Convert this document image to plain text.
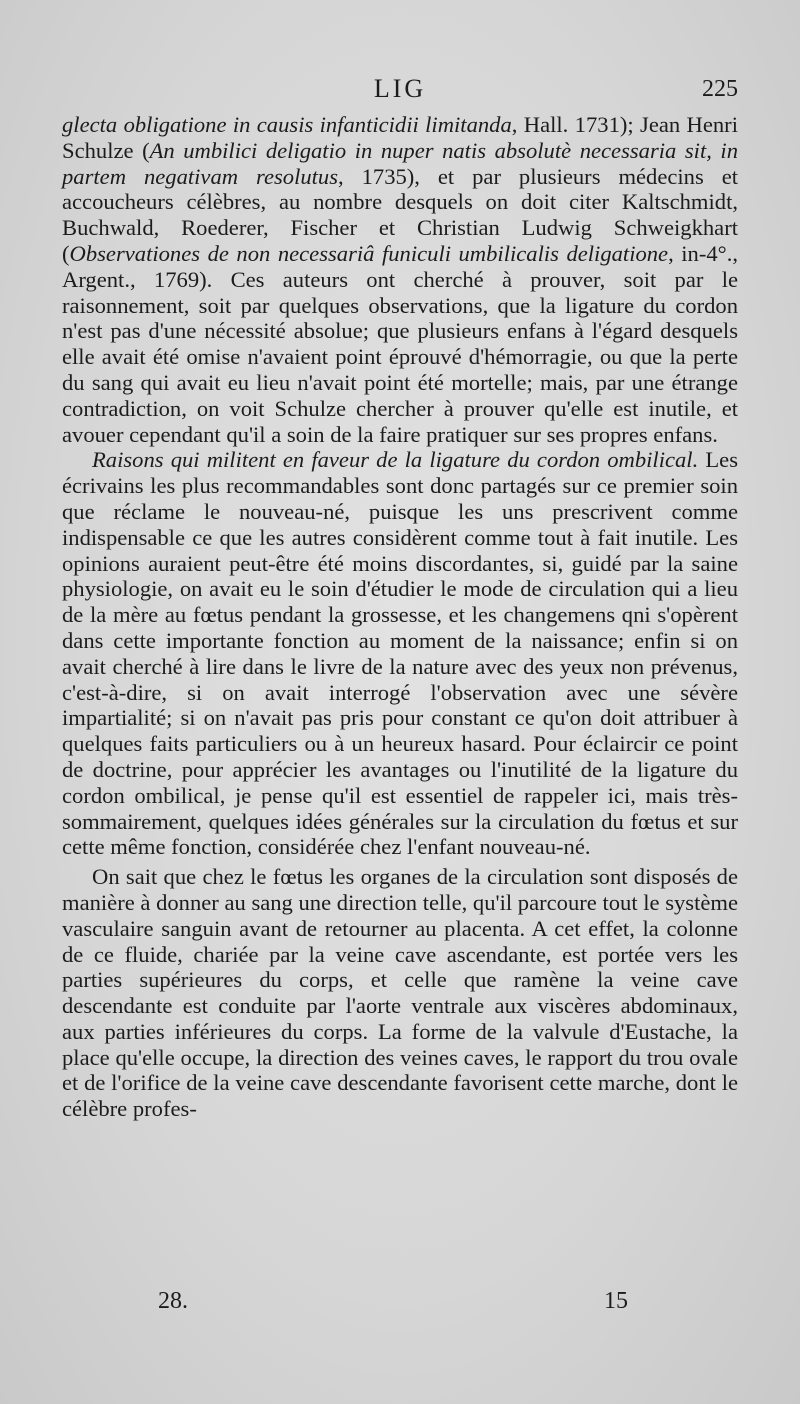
LIG	225

glecta obligatione in causis infanticidii limitanda, Hall. 1731); Jean Henri Schulze (An umbilici deligatio in nuper natis absolutè necessaria sit, in partem negativam resolutus, 1735), et par plusieurs médecins et accoucheurs célèbres, au nombre desquels on doit citer Kaltschmidt, Buchwald, Roederer, Fischer et Christian Ludwig Schweigkhart (Observationes de non necessariâ funiculi umbilicalis deligatione, in-4°., Argent., 1769). Ces auteurs ont cherché à prouver, soit par le raisonnement, soit par quelques observations, que la ligature du cordon n'est pas d'une nécessité absolue; que plusieurs enfans à l'égard desquels elle avait été omise n'avaient point éprouvé d'hémorragie, ou que la perte du sang qui avait eu lieu n'avait point été mortelle; mais, par une étrange contradiction, on voit Schulze chercher à prouver qu'elle est inutile, et avouer cependant qu'il a soin de la faire pratiquer sur ses propres enfans.

Raisons qui militent en faveur de la ligature du cordon ombilical. Les écrivains les plus recommandables sont donc partagés sur ce premier soin que réclame le nouveau-né, puisque les uns prescrivent comme indispensable ce que les autres considèrent comme tout à fait inutile. Les opinions auraient peut-être été moins discordantes, si, guidé par la saine physiologie, on avait eu le soin d'étudier le mode de circulation qui a lieu de la mère au fœtus pendant la grossesse, et les changemens qni s'opèrent dans cette importante fonction au moment de la naissance; enfin si on avait cherché à lire dans le livre de la nature avec des yeux non prévenus, c'est-à-dire, si on avait interrogé l'observation avec une sévère impartialité; si on n'avait pas pris pour constant ce qu'on doit attribuer à quelques faits particuliers ou à un heureux hasard. Pour éclaircir ce point de doctrine, pour apprécier les avantages ou l'inutilité de la ligature du cordon ombilical, je pense qu'il est essentiel de rappeler ici, mais très-sommairement, quelques idées générales sur la circulation du fœtus et sur cette même fonction, considérée chez l'enfant nouveau-né.

On sait que chez le fœtus les organes de la circulation sont disposés de manière à donner au sang une direction telle, qu'il parcoure tout le système vasculaire sanguin avant de retourner au placenta. A cet effet, la colonne de ce fluide, chariée par la veine cave ascendante, est portée vers les parties supérieures du corps, et celle que ramène la veine cave descendante est conduite par l'aorte ventrale aux viscères abdominaux, aux parties inférieures du corps. La forme de la valvule d'Eustache, la place qu'elle occupe, la direction des veines caves, le rapport du trou ovale et de l'orifice de la veine cave descendante favorisent cette marche, dont le célèbre profes-

28.	15
